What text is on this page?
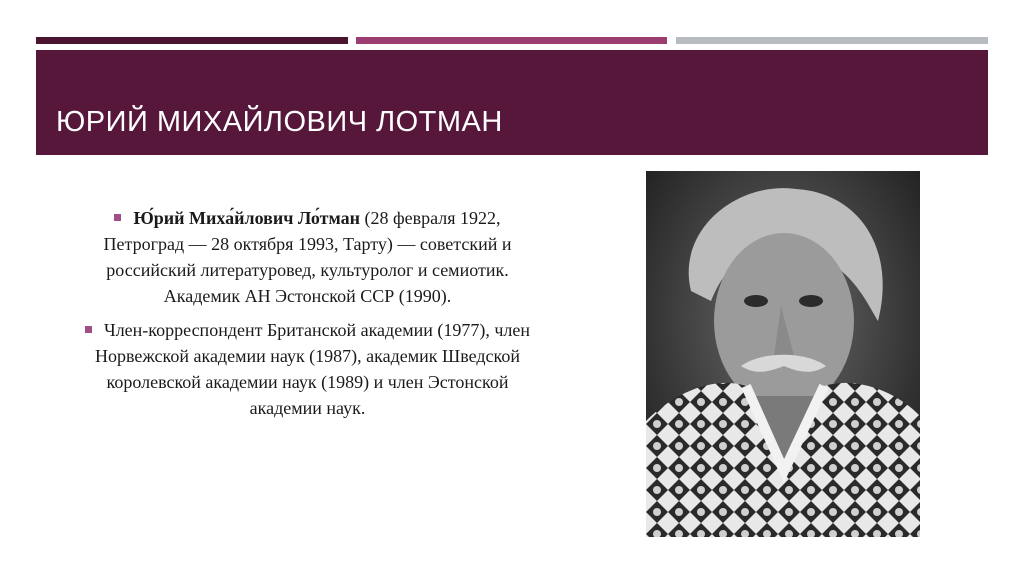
ЮРИЙ МИХАЙЛОВИЧ ЛОТМАН

Ю́рий Миха́йлович Ло́тман (28 февраля 1922, Петроград — 28 октября 1993, Тарту) — советский и российский литературовед, культуролог и семиотик. Академик АН Эстонской ССР (1990).

Член-корреспондент Британской академии (1977), член Норвежской академии наук (1987), академик Шведской королевской академии наук (1989) и член Эстонской академии наук.
